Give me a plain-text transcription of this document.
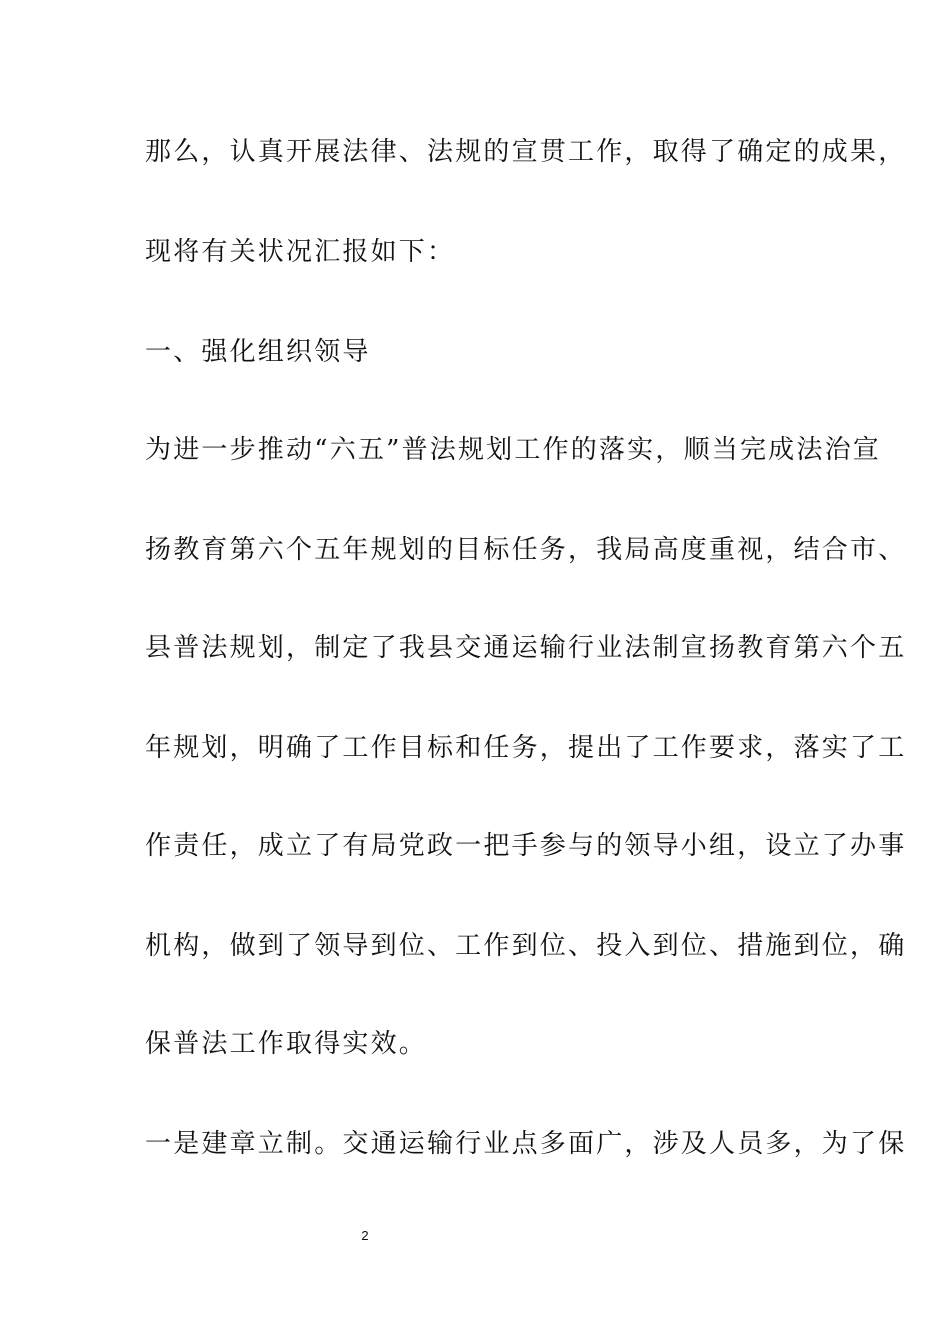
那么，认真开展法律、法规的宣贯工作，取得了确定的成果，
现将有关状况汇报如下：
一、强化组织领导
为进一步推动“六五”普法规划工作的落实，顺当完成法治宣
扬教育第六个五年规划的目标任务，我局高度重视，结合市、
县普法规划，制定了我县交通运输行业法制宣扬教育第六个五
年规划，明确了工作目标和任务，提出了工作要求，落实了工
作责任，成立了有局党政一把手参与的领导小组，设立了办事
机构，做到了领导到位、工作到位、投入到位、措施到位，确
保普法工作取得实效。
一是建章立制。交通运输行业点多面广，涉及人员多，为了保
2
